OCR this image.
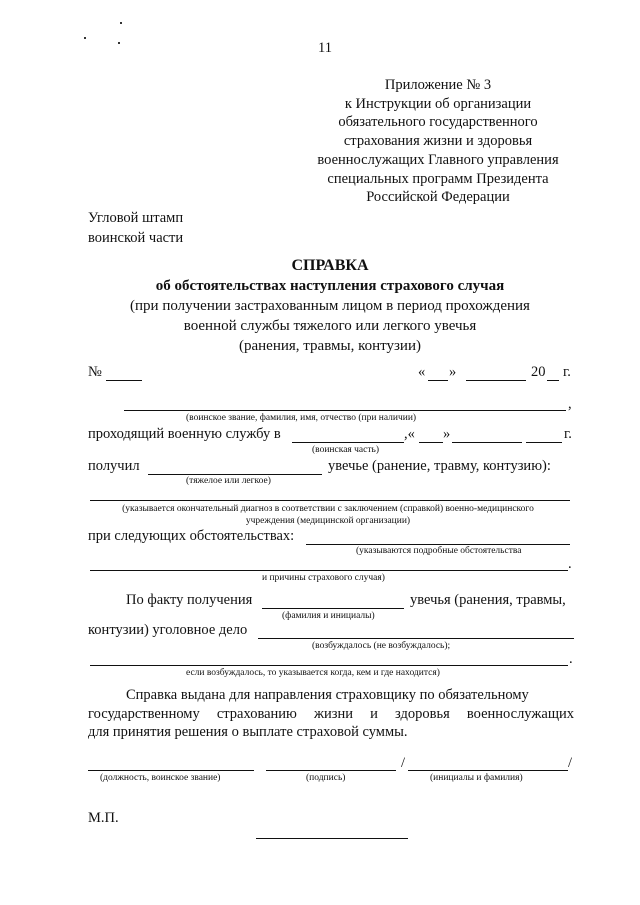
11
Приложение № 3
к Инструкции об организации
обязательного государственного
страхования жизни и здоровья
военнослужащих Главного управления
специальных программ Президента
Российской Федерации
Угловой штамп
воинской части
СПРАВКА
об обстоятельствах наступления страхового случая
(при получении застрахованным лицом в период прохождения
военной службы тяжелого или легкого увечья
(ранения, травмы, контузии)
№	« »	20 г.
,
(воинское звание, фамилия, имя, отчество (при наличии)
проходящий военную службу в	,« »	г.
(воинская часть)
получил	увечье (ранение, травму, контузию):
(тяжелое или легкое)
(указывается окончательный диагноз в соответствии с заключением (справкой) военно-медицинского
учреждения (медицинской организации)
при следующих обстоятельствах:
(указываются подробные обстоятельства
.
и причины страхового случая)
По факту получения	увечья (ранения, травмы,
(фамилия и инициалы)
контузии) уголовное дело
(возбуждалось (не возбуждалось);
.
если возбуждалось, то указывается когда, кем и где находится)
Справка выдана для направления страховщику по обязательному
государственному страхованию жизни и здоровья военнослужащих
для принятия решения о выплате страховой суммы.
/	/
(должность, воинское звание)	(подпись)	(инициалы и фамилия)
М.П.
